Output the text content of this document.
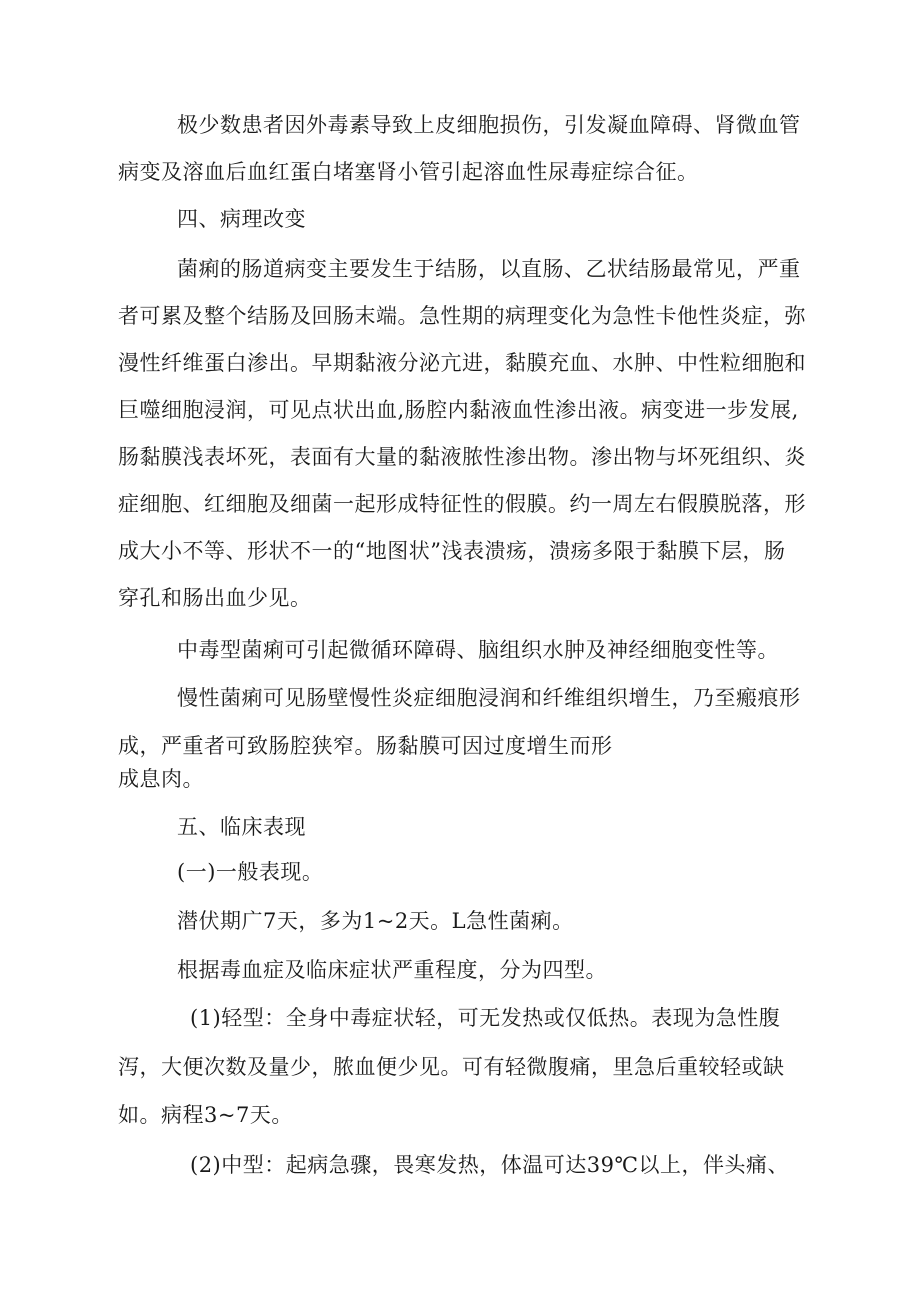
极少数患者因外毒素导致上皮细胞损伤，引发凝血障碍、肾微血管

病变及溶血后血红蛋白堵塞肾小管引起溶血性尿毒症综合征。

四、病理改变

菌痢的肠道病变主要发生于结肠，以直肠、乙状结肠最常见，严重

者可累及整个结肠及回肠末端。急性期的病理变化为急性卡他性炎症，弥

漫性纤维蛋白渗出。早期黏液分泌亢进，黏膜充血、水肿、中性粒细胞和

巨噬细胞浸润，可见点状出血,肠腔内黏液血性渗出液。病变进一步发展,

肠黏膜浅表坏死，表面有大量的黏液脓性渗出物。渗出物与坏死组织、炎

症细胞、红细胞及细菌一起形成特征性的假膜。约一周左右假膜脱落，形

成大小不等、形状不一的“地图状”浅表溃疡，溃疡多限于黏膜下层，肠

穿孔和肠出血少见。

中毒型菌痢可引起微循环障碍、脑组织水肿及神经细胞变性等。

慢性菌痢可见肠壁慢性炎症细胞浸润和纤维组织增生，乃至瘢痕形

成，严重者可致肠腔狭窄。肠黏膜可因过度增生而形

成息肉。

五、临床表现

(一)一般表现。

潜伏期广7天，多为1~2天。L急性菌痢。

根据毒血症及临床症状严重程度，分为四型。

(1)轻型：全身中毒症状轻，可无发热或仅低热。表现为急性腹

泻，大便次数及量少，脓血便少见。可有轻微腹痛，里急后重较轻或缺

如。病程3~7天。

(2)中型：起病急骤，畏寒发热，体温可达39℃以上，伴头痛、
